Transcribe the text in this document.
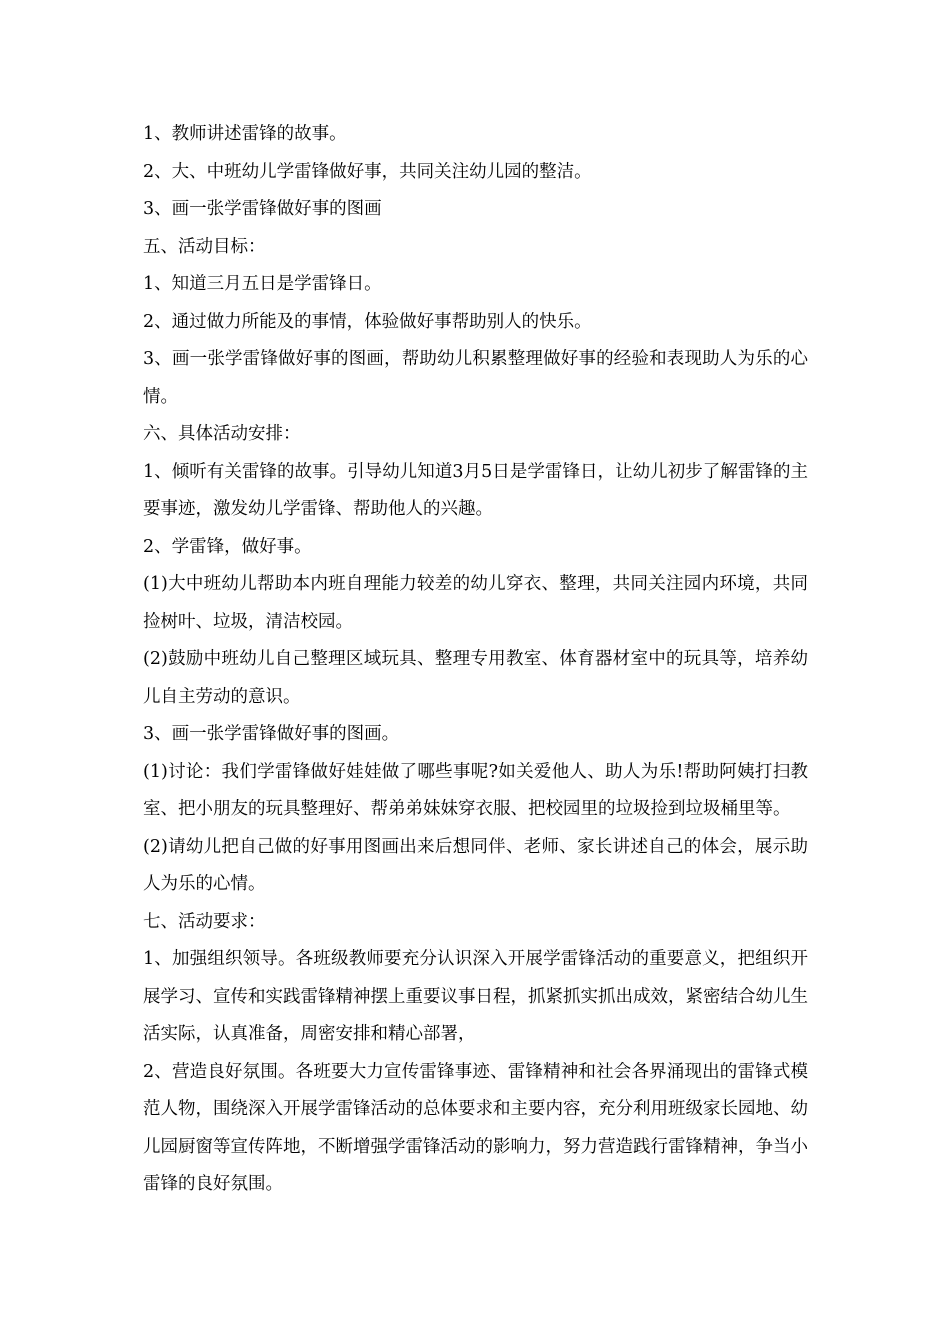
1、教师讲述雷锋的故事。

2、大、中班幼儿学雷锋做好事，共同关注幼儿园的整洁。

3、画一张学雷锋做好事的图画

五、活动目标：

1、知道三月五日是学雷锋日。

2、通过做力所能及的事情，体验做好事帮助别人的快乐。

3、画一张学雷锋做好事的图画，帮助幼儿积累整理做好事的经验和表现助人为乐的心情。

六、具体活动安排：

1、倾听有关雷锋的故事。引导幼儿知道3月5日是学雷锋日，让幼儿初步了解雷锋的主要事迹，激发幼儿学雷锋、帮助他人的兴趣。

2、学雷锋，做好事。

(1)大中班幼儿帮助本内班自理能力较差的幼儿穿衣、整理，共同关注园内环境，共同捡树叶、垃圾，清洁校园。

(2)鼓励中班幼儿自己整理区域玩具、整理专用教室、体育器材室中的玩具等，培养幼儿自主劳动的意识。

3、画一张学雷锋做好事的图画。

(1)讨论：我们学雷锋做好娃娃做了哪些事呢?如关爱他人、助人为乐!帮助阿姨打扫教室、把小朋友的玩具整理好、帮弟弟妹妹穿衣服、把校园里的垃圾捡到垃圾桶里等。

(2)请幼儿把自己做的好事用图画出来后想同伴、老师、家长讲述自己的体会，展示助人为乐的心情。

七、活动要求：

1、加强组织领导。各班级教师要充分认识深入开展学雷锋活动的重要意义，把组织开展学习、宣传和实践雷锋精神摆上重要议事日程，抓紧抓实抓出成效，紧密结合幼儿生活实际，认真准备，周密安排和精心部署，

2、营造良好氛围。各班要大力宣传雷锋事迹、雷锋精神和社会各界涌现出的雷锋式模范人物，围绕深入开展学雷锋活动的总体要求和主要内容，充分利用班级家长园地、幼儿园厨窗等宣传阵地，不断增强学雷锋活动的影响力，努力营造践行雷锋精神，争当小雷锋的良好氛围。
